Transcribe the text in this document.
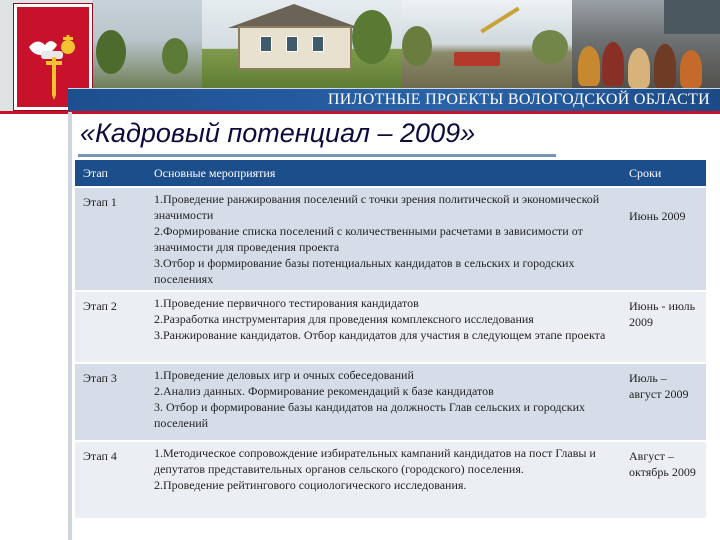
ПИЛОТНЫЕ ПРОЕКТЫ ВОЛОГОДСКОЙ ОБЛАСТИ
«Кадровый потенциал – 2009»
Этап	Основные мероприятия	Сроки
Этап 1	1.Проведение ранжирования поселений с точки зрения политической и экономической значимости
2.Формирование списка поселений с количественными расчетами в зависимости от значимости для проведения проекта
3.Отбор и формирование базы потенциальных кандидатов в сельских и городских поселениях	Июнь 2009
Этап 2	1.Проведение первичного тестирования кандидатов
2.Разработка инструментария для проведения комплексного исследования
3.Ранжирование кандидатов. Отбор кандидатов для участия в следующем этапе проекта	Июнь - июль 2009
Этап 3	1.Проведение деловых игр и очных собеседований
2.Анализ данных. Формирование рекомендаций к базе кандидатов
3. Отбор и формирование базы кандидатов на должность Глав сельских и городских поселений	Июль – август 2009
Этап 4	1.Методическое сопровождение избирательных кампаний кандидатов на пост Главы и депутатов представительных органов сельского (городского) поселения.
2.Проведение рейтингового социологического исследования.	Август – октябрь 2009
